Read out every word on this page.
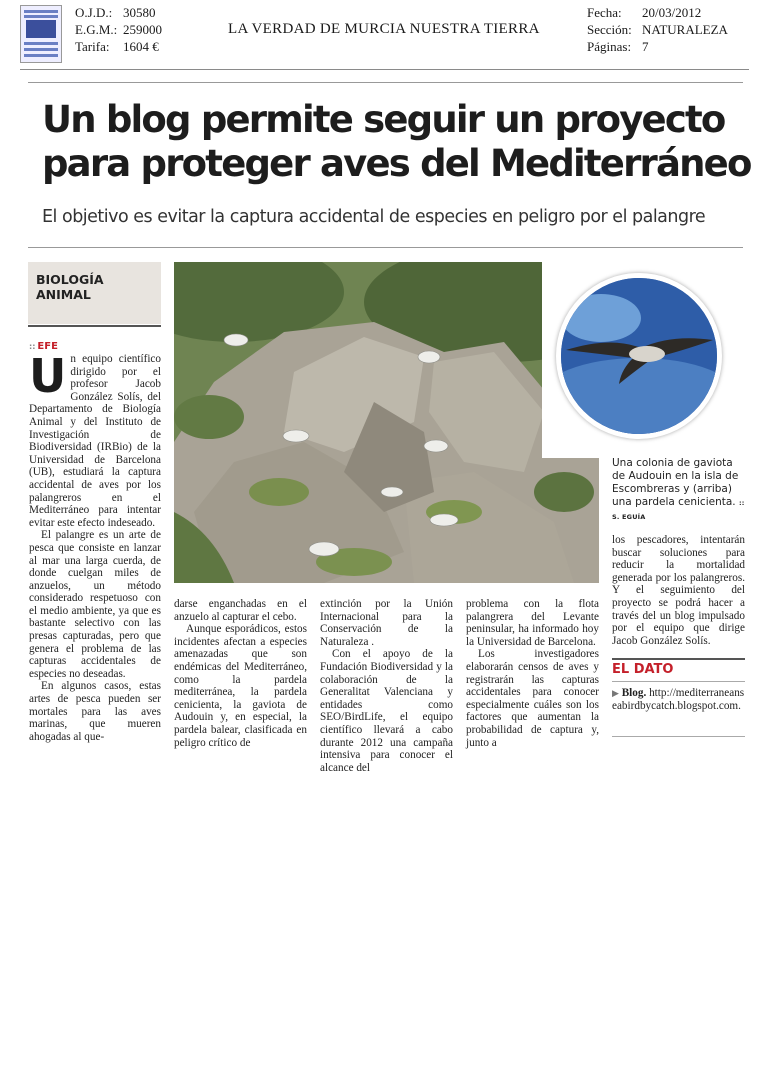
O.J.D.: 30580
E.G.M.: 259000
Tarifa:	1604 €
LA VERDAD DE MURCIA NUESTRA TIERRA
Fecha:	20/03/2012
Sección: NATURALEZA
Páginas: 7
Un blog permite seguir un proyecto
para proteger aves del Mediterráneo
El objetivo es evitar la captura accidental de especies en peligro por el palangre
BIOLOGÍA
ANIMAL
:: EFE

Un equipo científico dirigido por el profesor Jacob González Solís, del Departamento de Biología Animal y del Instituto de Investigación de Biodiversidad (IRBio) de la Universidad de Barcelona (UB), estudiará la captura accidental de aves por los palangreros en el Mediterráneo para intentar evitar este efecto indeseado.

El palangre es un arte de pesca que consiste en lanzar al mar una larga cuerda, de donde cuelgan miles de anzuelos, un método considerado respetuoso con el medio ambiente, ya que es bastante selectivo con las presas capturadas, pero que genera el problema de las capturas accidentales de especies no deseadas.

En algunos casos, estas artes de pesca pueden ser mortales para las aves marinas, que mueren ahogadas al que-

Una colonia de gaviota de Audouin en la isla de Escombreras y (arriba) una pardela cenicienta. :: S. EGUÍA

darse enganchadas en el anzuelo al capturar el cebo.

Aunque esporádicos, estos incidentes afectan a especies amenazadas que son endémicas del Mediterráneo, como la pardela mediterránea, la pardela cenicienta, la gaviota de Audouin y, en especial, la pardela balear, clasificada en peligro crítico de

extinción por la Unión Internacional para la Conservación de la Naturaleza .

Con el apoyo de la Fundación Biodiversidad y la colaboración de la Generalitat Valenciana y entidades como SEO/BirdLife, el equipo científico llevará a cabo durante 2012 una campaña intensiva para conocer el alcance del

problema con la flota palangrera del Levante peninsular, ha informado hoy la Universidad de Barcelona.

Los investigadores elaborarán censos de aves y registrarán las capturas accidentales para conocer especialmente cuáles son los factores que aumentan la probabilidad de captura y, junto a

los pescadores, intentarán buscar soluciones para reducir la mortalidad generada por los palangreros. Y el seguimiento del proyecto se podrá hacer a través del un blog impulsado por el equipo que dirige Jacob González Solís.

EL DATO
▶ Blog. http://mediterraneanseabirdbycatch.blogspot.com.
